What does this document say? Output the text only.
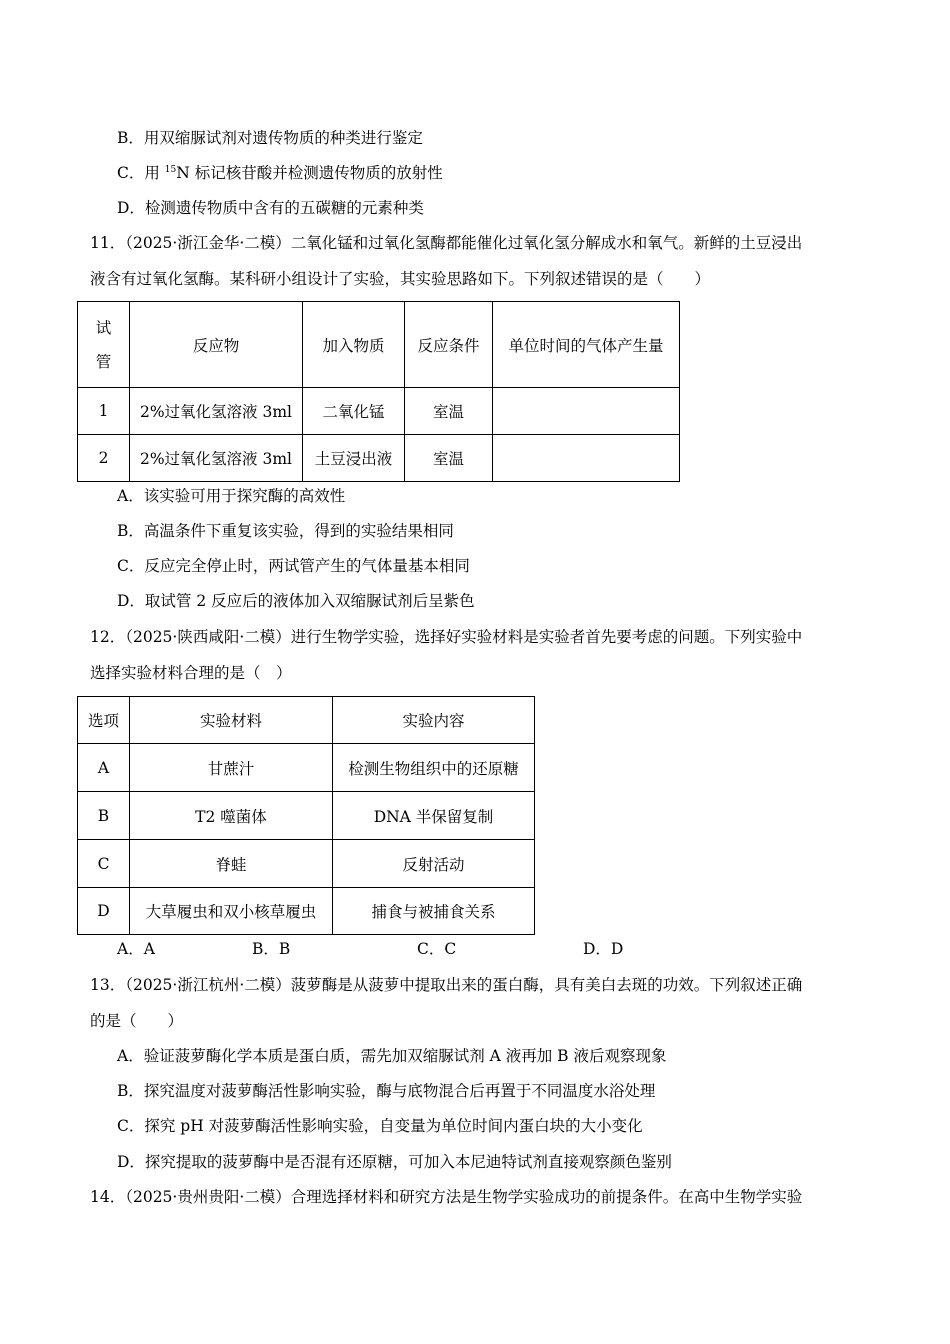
B．用双缩脲试剂对遗传物质的种类进行鉴定
C．用 $^{15}$N 标记核苷酸并检测遗传物质的放射性
D．检测遗传物质中含有的五碳糖的元素种类
11．（2025·浙江金华·二模）二氧化锰和过氧化氢酶都能催化过氧化氢分解成水和氧气。新鲜的土豆浸出
液含有过氧化氢酶。某科研小组设计了实验，其实验思路如下。下列叙述错误的是（　　）
试
管	反应物	加入物质	反应条件	单位时间的气体产生量
1	2%过氧化氢溶液 3ml	二氧化锰	室温	
2	2%过氧化氢溶液 3ml	土豆浸出液	室温	
A．该实验可用于探究酶的高效性
B．高温条件下重复该实验，得到的实验结果相同
C．反应完全停止时，两试管产生的气体量基本相同
D．取试管 2 反应后的液体加入双缩脲试剂后呈紫色
12．（2025·陕西咸阳·二模）进行生物学实验，选择好实验材料是实验者首先要考虑的问题。下列实验中
选择实验材料合理的是（　）
选项	实验材料	实验内容
A	甘蔗汁	检测生物组织中的还原糖
B	T2 噬菌体	DNA 半保留复制
C	脊蛙	反射活动
D	大草履虫和双小核草履虫	捕食与被捕食关系
A．A	B．B	C．C	D．D
13．（2025·浙江杭州·二模）菠萝酶是从菠萝中提取出来的蛋白酶，具有美白去斑的功效。下列叙述正确
的是（　　）
A．验证菠萝酶化学本质是蛋白质，需先加双缩脲试剂 A 液再加 B 液后观察现象
B．探究温度对菠萝酶活性影响实验，酶与底物混合后再置于不同温度水浴处理
C．探究 pH 对菠萝酶活性影响实验，自变量为单位时间内蛋白块的大小变化
D．探究提取的菠萝酶中是否混有还原糖，可加入本尼迪特试剂直接观察颜色鉴别
14．（2025·贵州贵阳·二模）合理选择材料和研究方法是生物学实验成功的前提条件。在高中生物学实验
